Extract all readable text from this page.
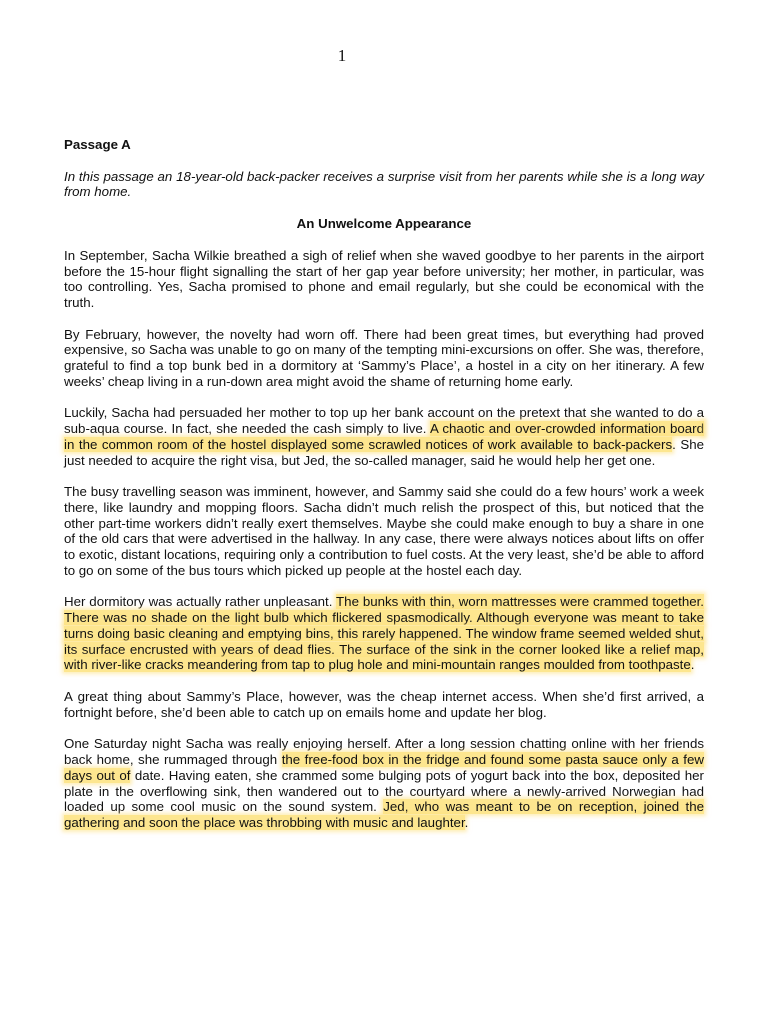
1

Passage A

In this passage an 18-year-old back-packer receives a surprise visit from her parents while she is a long way from home.

An Unwelcome Appearance

In September, Sacha Wilkie breathed a sigh of relief when she waved goodbye to her parents in the airport before the 15-hour flight signalling the start of her gap year before university; her mother, in particular, was too controlling. Yes, Sacha promised to phone and email regularly, but she could be economical with the truth.

By February, however, the novelty had worn off. There had been great times, but everything had proved expensive, so Sacha was unable to go on many of the tempting mini-excursions on offer. She was, therefore, grateful to find a top bunk bed in a dormitory at ‘Sammy’s Place’, a hostel in a city on her itinerary. A few weeks’ cheap living in a run-down area might avoid the shame of returning home early.

Luckily, Sacha had persuaded her mother to top up her bank account on the pretext that she wanted to do a sub-aqua course. In fact, she needed the cash simply to live. A chaotic and over-crowded information board in the common room of the hostel displayed some scrawled notices of work available to back-packers. She just needed to acquire the right visa, but Jed, the so-called manager, said he would help her get one.

The busy travelling season was imminent, however, and Sammy said she could do a few hours’ work a week there, like laundry and mopping floors. Sacha didn’t much relish the prospect of this, but noticed that the other part-time workers didn’t really exert themselves. Maybe she could make enough to buy a share in one of the old cars that were advertised in the hallway. In any case, there were always notices about lifts on offer to exotic, distant locations, requiring only a contribution to fuel costs. At the very least, she’d be able to afford to go on some of the bus tours which picked up people at the hostel each day.

Her dormitory was actually rather unpleasant. The bunks with thin, worn mattresses were crammed together. There was no shade on the light bulb which flickered spasmodically. Although everyone was meant to take turns doing basic cleaning and emptying bins, this rarely happened. The window frame seemed welded shut, its surface encrusted with years of dead flies. The surface of the sink in the corner looked like a relief map, with river-like cracks meandering from tap to plug hole and mini-mountain ranges moulded from toothpaste.

A great thing about Sammy’s Place, however, was the cheap internet access. When she’d first arrived, a fortnight before, she’d been able to catch up on emails home and update her blog.

One Saturday night Sacha was really enjoying herself. After a long session chatting online with her friends back home, she rummaged through the free-food box in the fridge and found some pasta sauce only a few days out of date. Having eaten, she crammed some bulging pots of yogurt back into the box, deposited her plate in the overflowing sink, then wandered out to the courtyard where a newly-arrived Norwegian had loaded up some cool music on the sound system. Jed, who was meant to be on reception, joined the gathering and soon the place was throbbing with music and laughter.
